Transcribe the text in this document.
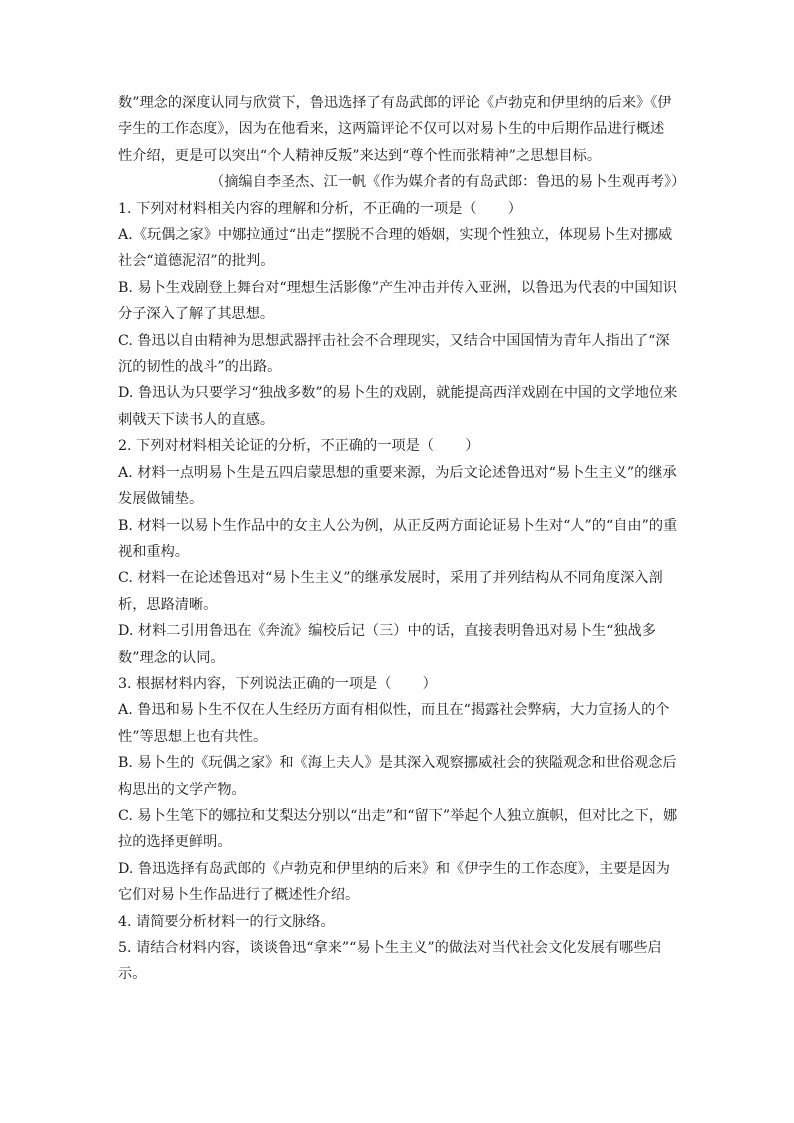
数”理念的深度认同与欣赏下，鲁迅选择了有岛武郎的评论《卢勃克和伊里纳的后来》《伊孛生的工作态度》，因为在他看来，这两篇评论不仅可以对易卜生的中后期作品进行概述性介绍，更是可以突出“个人精神反叛”来达到“尊个性而张精神”之思想目标。

（摘编自李圣杰、江一帆《作为媒介者的有岛武郎：鲁迅的易卜生观再考》）

1. 下列对材料相关内容的理解和分析，不正确的一项是（ ）

A.《玩偶之家》中娜拉通过“出走”摆脱不合理的婚姻，实现个性独立，体现易卜生对挪威社会“道德泥沼”的批判。

B. 易卜生戏剧登上舞台对“理想生活影像”产生冲击并传入亚洲，以鲁迅为代表的中国知识分子深入了解了其思想。

C. 鲁迅以自由精神为思想武器抨击社会不合理现实，又结合中国国情为青年人指出了“深沉的韧性的战斗”的出路。

D. 鲁迅认为只要学习“独战多数”的易卜生的戏剧，就能提高西洋戏剧在中国的文学地位来刺戟天下读书人的直感。

2. 下列对材料相关论证的分析，不正确的一项是（ ）

A. 材料一点明易卜生是五四启蒙思想的重要来源，为后文论述鲁迅对“易卜生主义”的继承发展做铺垫。

B. 材料一以易卜生作品中的女主人公为例，从正反两方面论证易卜生对“人”的“自由”的重视和重构。

C. 材料一在论述鲁迅对“易卜生主义”的继承发展时，采用了并列结构从不同角度深入剖析，思路清晰。

D. 材料二引用鲁迅在《奔流》编校后记（三）中的话，直接表明鲁迅对易卜生“独战多数”理念的认同。

3. 根据材料内容，下列说法正确的一项是（ ）

A. 鲁迅和易卜生不仅在人生经历方面有相似性，而且在“揭露社会弊病，大力宣扬人的个性”等思想上也有共性。

B. 易卜生的《玩偶之家》和《海上夫人》是其深入观察挪威社会的狭隘观念和世俗观念后构思出的文学产物。

C. 易卜生笔下的娜拉和艾梨达分别以“出走”和“留下”举起个人独立旗帜，但对比之下，娜拉的选择更鲜明。

D. 鲁迅选择有岛武郎的《卢勃克和伊里纳的后来》和《伊孛生的工作态度》，主要是因为它们对易卜生作品进行了概述性介绍。

4. 请简要分析材料一的行文脉络。

5. 请结合材料内容，谈谈鲁迅“拿来”“易卜生主义”的做法对当代社会文化发展有哪些启示。
